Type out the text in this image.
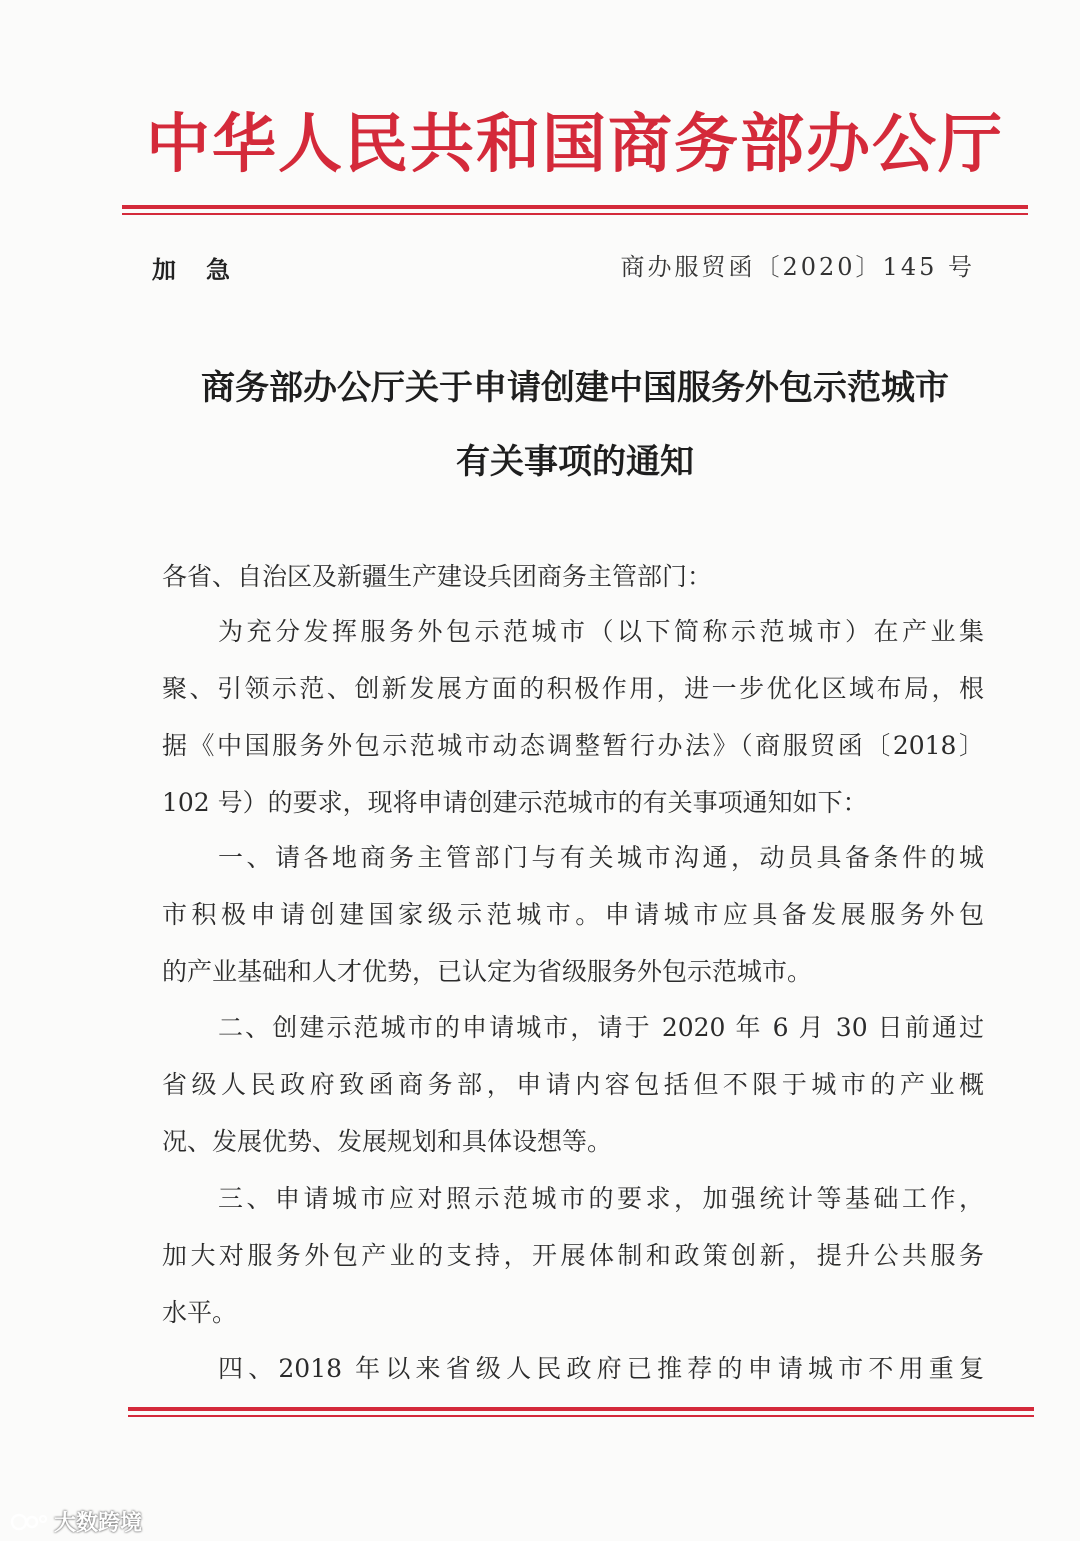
中华人民共和国商务部办公厅
加急	商办服贸函〔2020〕145 号
商务部办公厅关于申请创建中国服务外包示范城市
有关事项的通知
各省、自治区及新疆生产建设兵团商务主管部门：
为充分发挥服务外包示范城市（以下简称示范城市）在产业集
聚、引领示范、创新发展方面的积极作用，进一步优化区域布局，根
据《中国服务外包示范城市动态调整暂行办法》（商服贸函〔2018〕
102 号）的要求，现将申请创建示范城市的有关事项通知如下：
一、请各地商务主管部门与有关城市沟通，动员具备条件的城
市积极申请创建国家级示范城市。申请城市应具备发展服务外包
的产业基础和人才优势，已认定为省级服务外包示范城市。
二、创建示范城市的申请城市，请于 2020 年 6 月 30 日前通过
省级人民政府致函商务部，申请内容包括但不限于城市的产业概
况、发展优势、发展规划和具体设想等。
三、申请城市应对照示范城市的要求，加强统计等基础工作，
加大对服务外包产业的支持，开展体制和政策创新，提升公共服务
水平。
四、2018 年以来省级人民政府已推荐的申请城市不用重复
大数跨境
